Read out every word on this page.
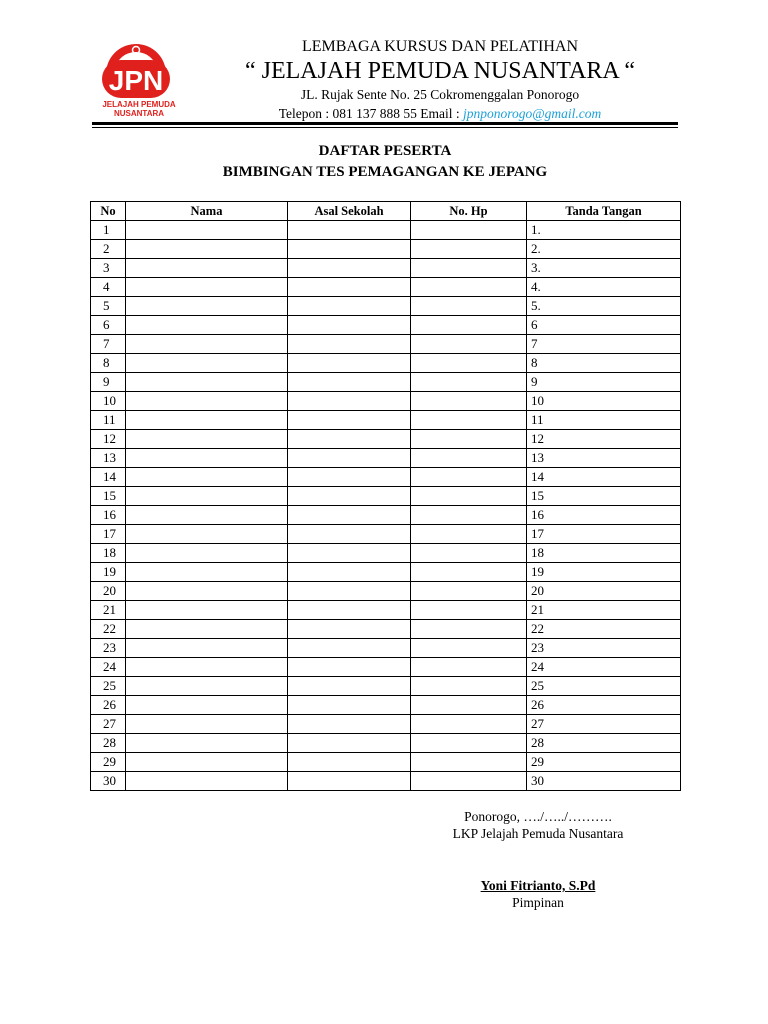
JPN
JELAJAH PEMUDA
NUSANTARA
LEMBAGA KURSUS DAN PELATIHAN
“ JELAJAH PEMUDA NUSANTARA “
JL. Rujak Sente No. 25 Cokromenggalan Ponorogo
Telepon : 081 137 888 55 Email : jpnponorogo@gmail.com
DAFTAR PESERTA
BIMBINGAN TES PEMAGANGAN KE JEPANG
No	Nama	Asal Sekolah	No. Hp	Tanda Tangan
1				1.
2				2.
3				3.
4				4.
5				5.
6				6
7				7
8				8
9				9
10				10
11				11
12				12
13				13
14				14
15				15
16				16
17				17
18				18
19				19
20				20
21				21
22				22
23				23
24				24
25				25
26				26
27				27
28				28
29				29
30				30
Ponorogo, …./…../……….
LKP Jelajah Pemuda Nusantara
Yoni Fitrianto, S.Pd
Pimpinan
